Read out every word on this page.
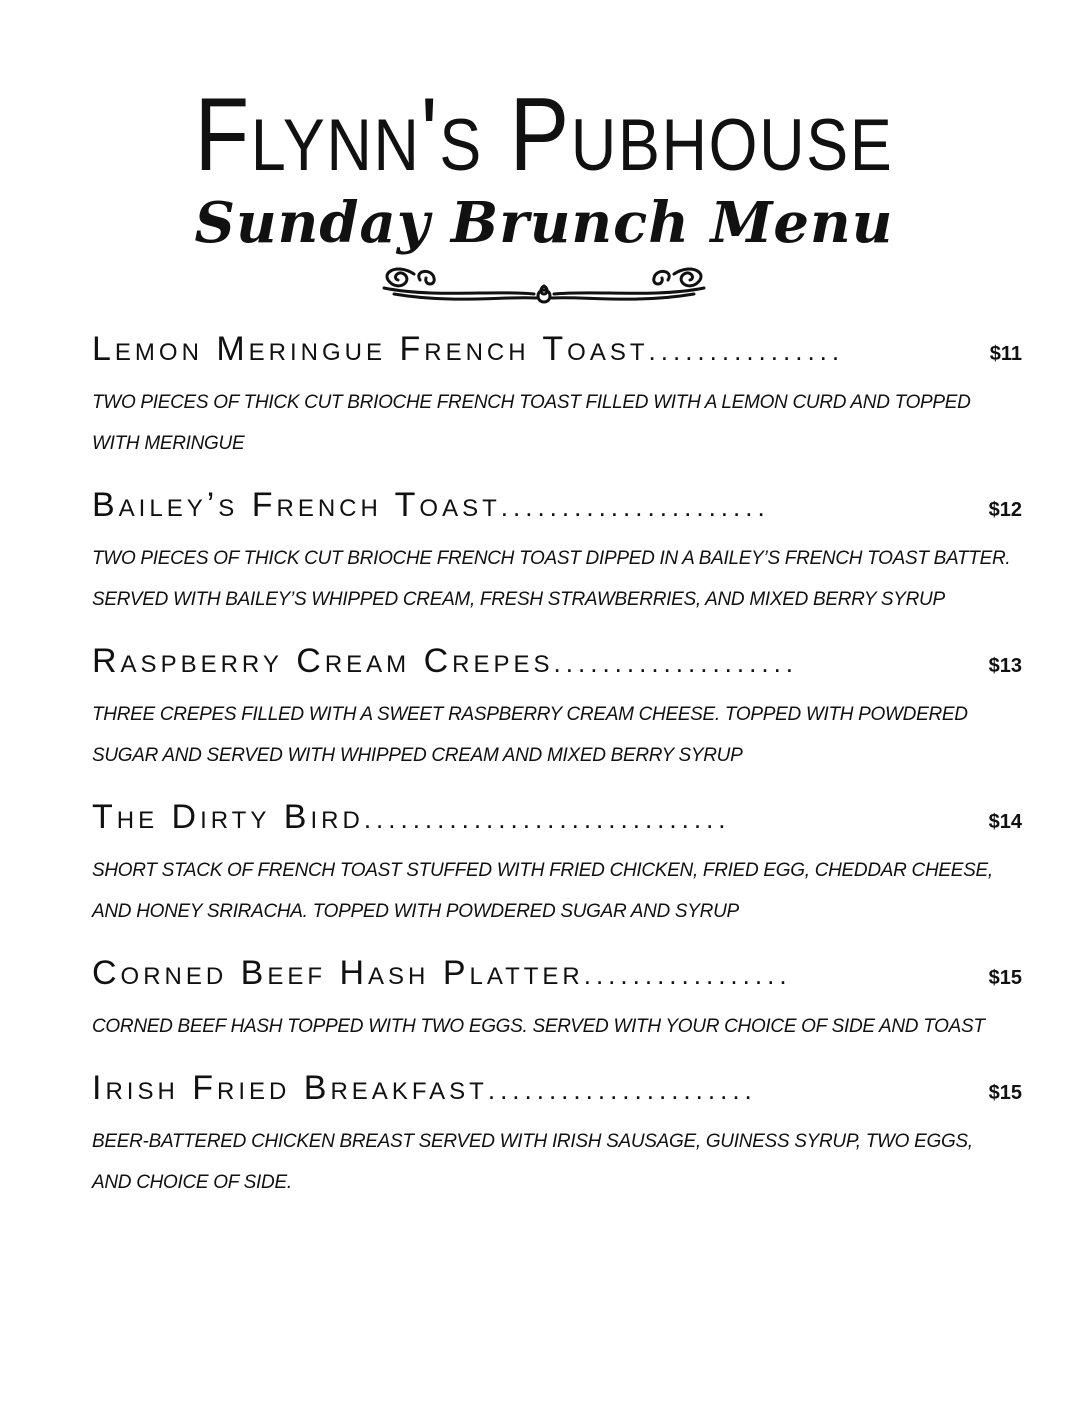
Flynn's Pubhouse
Sunday Brunch Menu
Lemon Meringue French Toast ................	$11
TWO PIECES OF THICK CUT BRIOCHE FRENCH TOAST FILLED WITH A LEMON CURD AND TOPPED WITH MERINGUE
Bailey’s French Toast ......................	$12
TWO PIECES OF THICK CUT BRIOCHE FRENCH TOAST DIPPED IN A BAILEY’S FRENCH TOAST BATTER. SERVED WITH BAILEY’S WHIPPED CREAM, FRESH STRAWBERRIES, AND MIXED BERRY SYRUP
Raspberry Cream Crepes ....................	$13
THREE CREPES FILLED WITH A SWEET RASPBERRY CREAM CHEESE. TOPPED WITH POWDERED SUGAR AND SERVED WITH WHIPPED CREAM AND MIXED BERRY SYRUP
The Dirty Bird ..............................	$14
SHORT STACK OF FRENCH TOAST STUFFED WITH FRIED CHICKEN, FRIED EGG, CHEDDAR CHEESE, AND HONEY SRIRACHA. TOPPED WITH POWDERED SUGAR AND SYRUP
Corned Beef Hash Platter .................	$15
CORNED BEEF HASH TOPPED WITH TWO EGGS. SERVED WITH YOUR CHOICE OF SIDE AND TOAST
Irish Fried Breakfast ......................	$15
BEER-BATTERED CHICKEN BREAST SERVED WITH IRISH SAUSAGE, GUINESS SYRUP, TWO EGGS, AND CHOICE OF SIDE.
